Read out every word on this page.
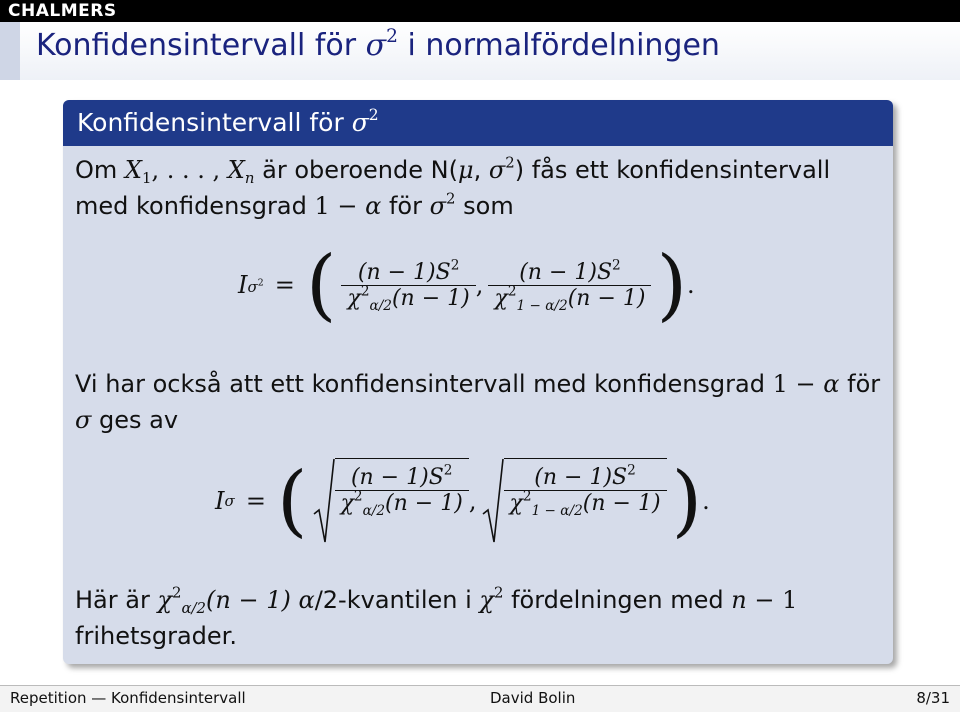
CHALMERS
Konfidensintervall för $\sigma^2$ i normalfördelningen
Konfidensintervall för $\sigma^2$
Om $X_1$, . . . , $X_n$ är oberoende N(μ, $\sigma^2$) fås ett konfidensintervall
med konfidensgrad 1 − α för $\sigma^2$ som
$I\sigma^2$ = ( $\frac{(n - 1)S^2}{\chi^2_{\alpha/2}(n - 1)}$ , $\frac{(n - 1)S^2}{\chi^2_{1 - \alpha/2}(n - 1)}$ ).
Vi har också att ett konfidensintervall med konfidensgrad 1 − α för
σ ges av
Iσ = ( $\frac{(n - 1)S^2}{\chi^2_{\alpha/2}(n - 1)}$ , $\frac{(n - 1)S^2}{\chi^2_{1 - \alpha/2}(n - 1)}$ ).
Här är $\chi^2_{\alpha/2}(n - 1)$ α/2-kvantilen i $\chi^2$ fördelningen med n − 1
frihetsgrader.
Repetition — Konfidensintervall	David Bolin	8/31
